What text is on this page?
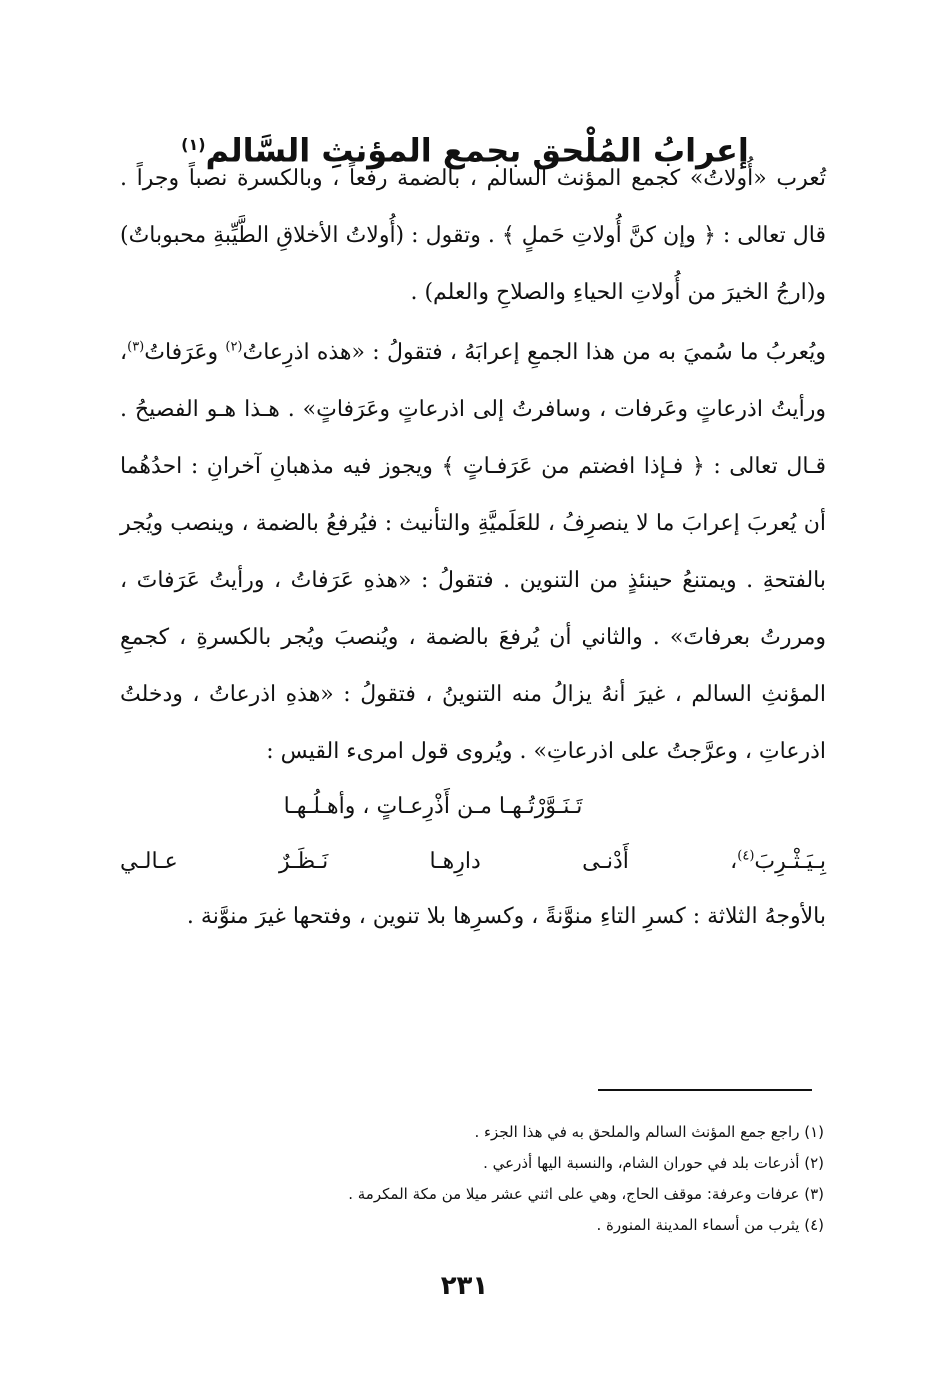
إعرابُ المُلْحق بجمع المؤنثِ السَّالم$^{(١)}$
تُعرب «أُولاتُ» كجمع المؤنث السالم ، بالضمة رفعاً ، وبالكسرة نصباً وجراً . قال تعالى : ﴿ وإن كنَّ أُولاتِ حَملٍ ﴾ . وتقول : (أُولاتُ الأخلاقِ الطَّيِّبةِ محبوباتٌ) و(ارجُ الخيرَ من أُولاتِ الحياءِ والصلاحِ والعلم) .
ويُعربُ ما سُميَ به من هذا الجمعِ إعرابَهُ ، فتقولُ : «هذه اذرِعاتُ$^{(٢)}$ وعَرَفاتُ$^{(٣)}$، ورأيتُ اذرعاتٍ وعَرفات ، وسافرتُ إلى اذرعاتٍ وعَرَفاتٍ» . هـذا هـو الفصيحُ . قـال تعالى : ﴿ فـإذا افضتم من عَرَفـاتٍ ﴾ ويجوز فيه مذهبانِ آخرانِ : احدُهُما أن يُعربَ إعرابَ ما لا ينصرِفُ ، للعَلَميَّةِ والتأنيث : فيُرفعُ بالضمة ، وينصب ويُجر بالفتحةِ . ويمتنعُ حينئذٍ من التنوين . فتقولُ : «هذهِ عَرَفاتُ ، ورأيتُ عَرَفاتَ ، ومررتُ بعرفاتَ» . والثاني أن يُرفعَ بالضمة ، ويُنصبَ ويُجر بالكسرةِ ، كجمعِ المؤنثِ السالم ، غيرَ أنهُ يزالُ منه التنوينُ ، فتقولُ : «هذهِ اذرعاتُ ، ودخلتُ اذرعاتِ ، وعرَّجتُ على اذرعاتِ» . ويُروى قول امرىء القيس :
تَـنَـوَّرْتُـهـا مـن أَذْرِعـاتٍ ، وأهـلُـهـا
بِـيَـثْـرِبَ$^{(٤)}$، أَدْنـى دارِهـا نَـظَـرٌ عـالـي
بالأوجهُ الثلاثة : كسرِ التاءِ منوَّنةً ، وكسرِها بلا تنوين ، وفتحها غيرَ منوَّنة .
(١) راجع جمع المؤنث السالم والملحق به في هذا الجزء .
(٢) أذرعات بلد في حوران الشام، والنسبة اليها أذرعي .
(٣) عرفات وعرفة: موقف الحاج، وهي على اثني عشر ميلا من مكة المكرمة .
(٤) يثرب من أسماء المدينة المنورة .
٢٣١
